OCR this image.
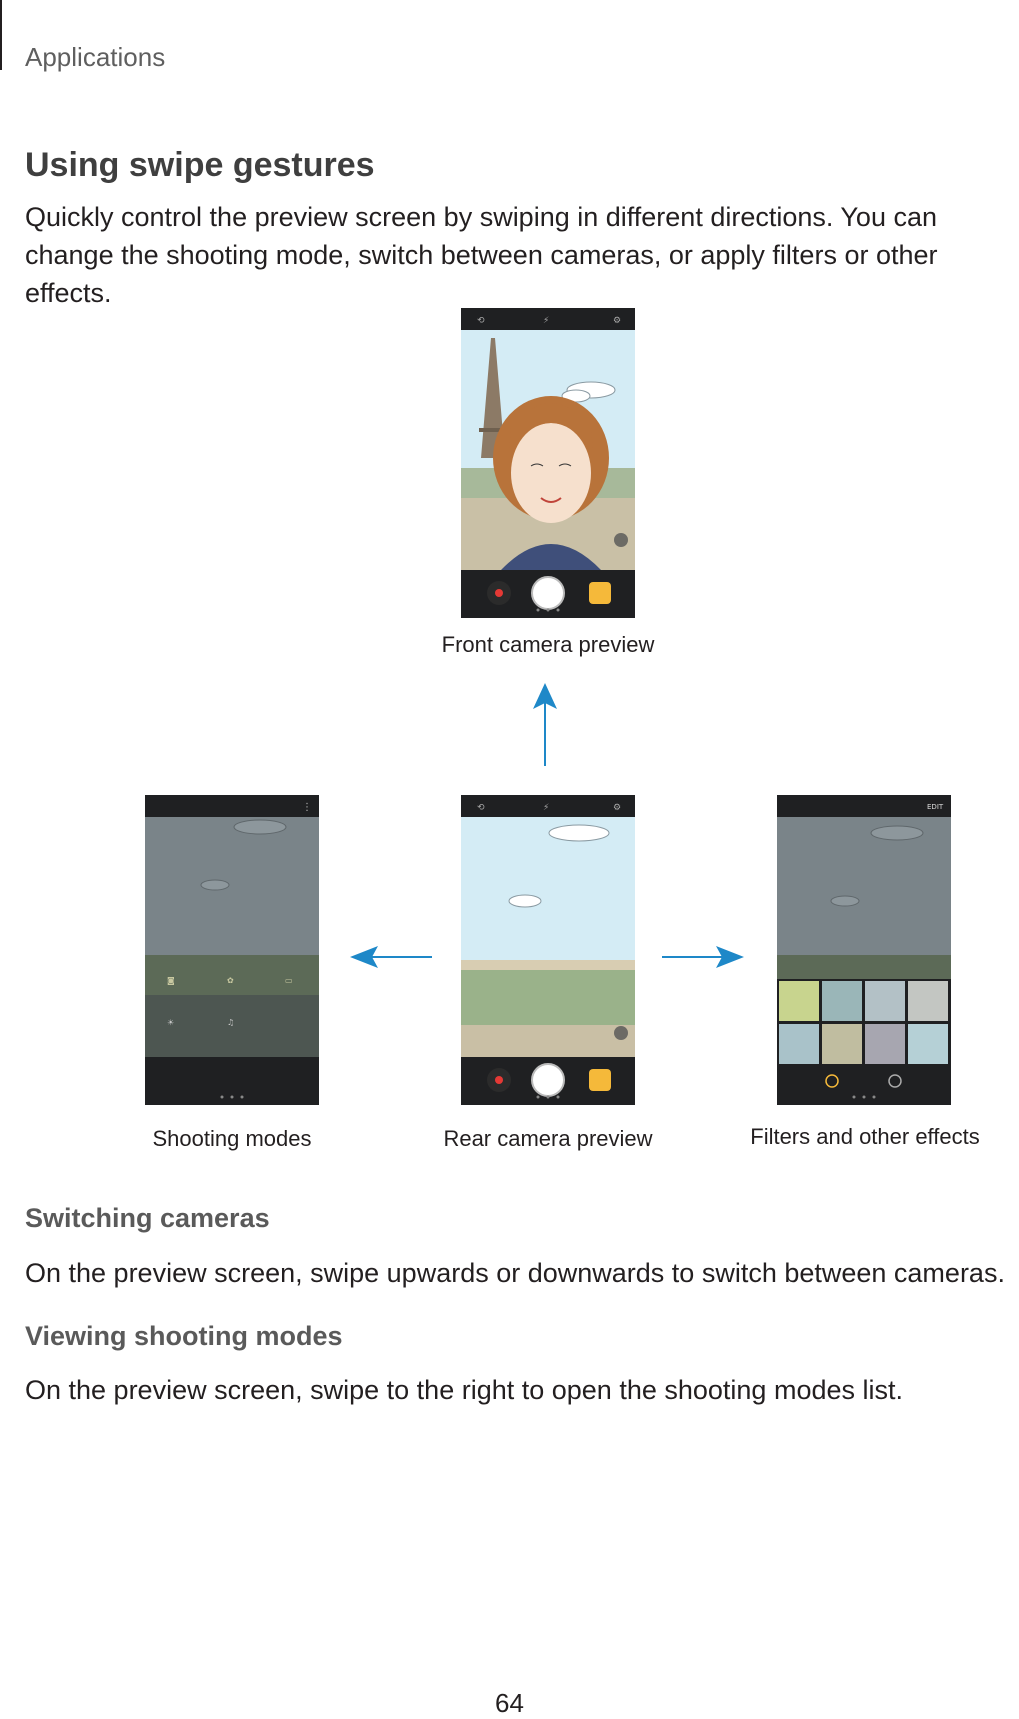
Applications
Using swipe gestures
Quickly control the preview screen by swiping in different directions. You can change the shooting mode, switch between cameras, or apply filters or other effects.
⟲	⚡	⚙
Front camera preview
⋮
◙	✿	▭
☀	♫
Shooting modes
⟲	⚡	⚙
Rear camera preview
EDIT
Filters and other effects
Switching cameras
On the preview screen, swipe upwards or downwards to switch between cameras.
Viewing shooting modes
On the preview screen, swipe to the right to open the shooting modes list.
64
